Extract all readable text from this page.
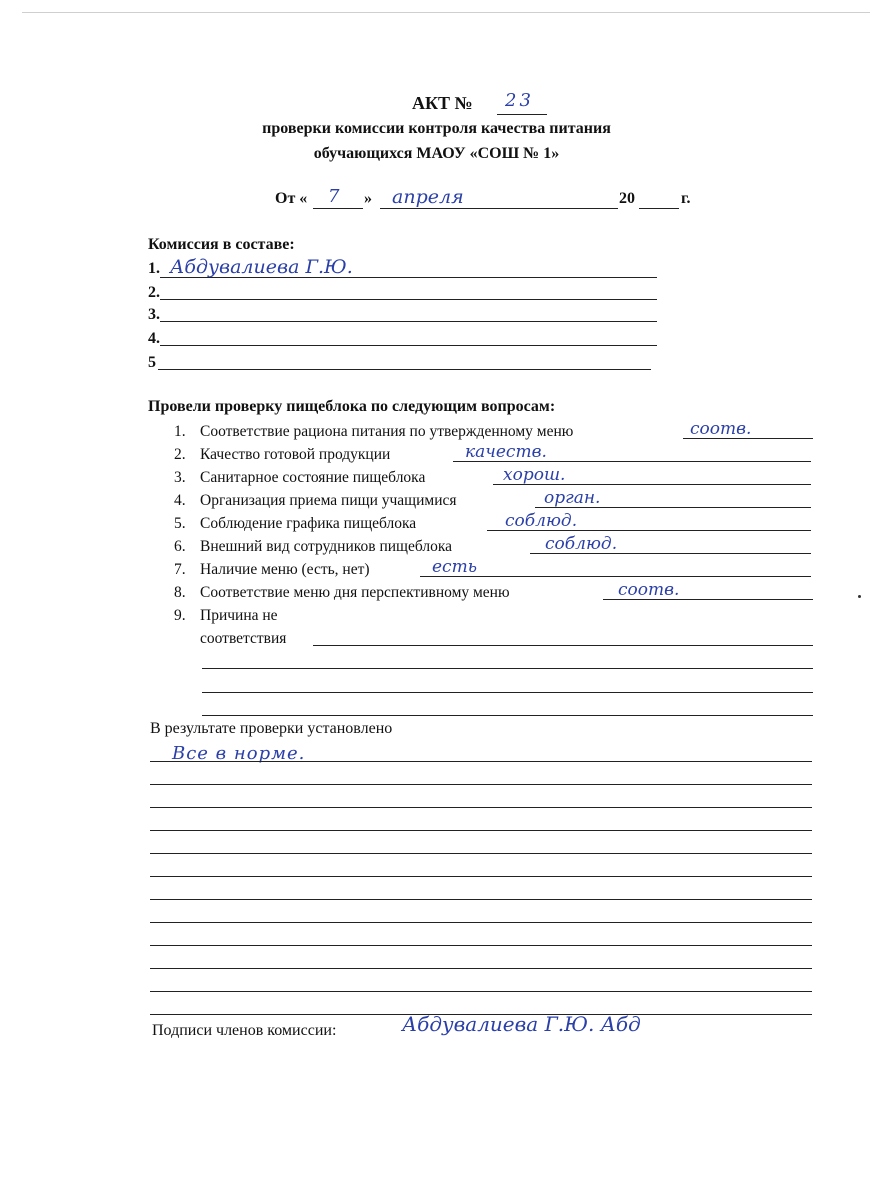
АКТ № 23
проверки комиссии контроля качества питания
обучающихся МАОУ «СОШ № 1»
От « 7 » апреля	20	г.
Комиссия в составе:
1. Абдувалиева Г.Ю.
2.
3.
4.
5
Провели проверку пищеблока по следующим вопросам:
1. Соответствие рациона питания по утвержденному меню	соотв.
2. Качество готовой продукции	качеств.
3. Санитарное состояние пищеблока	хорош.
4. Организация приема пищи учащимися	орган.
5. Соблюдение графика пищеблока	соблюд.
6. Внешний вид сотрудников пищеблока	соблюд.
7. Наличие меню (есть, нет)	есть
8. Соответствие меню дня перспективному меню	соотв.
9. Причина не
соответствия
В результате проверки установлено
Все в норме.
Подписи членов комиссии:	Абдувалиева Г.Ю. Абд
